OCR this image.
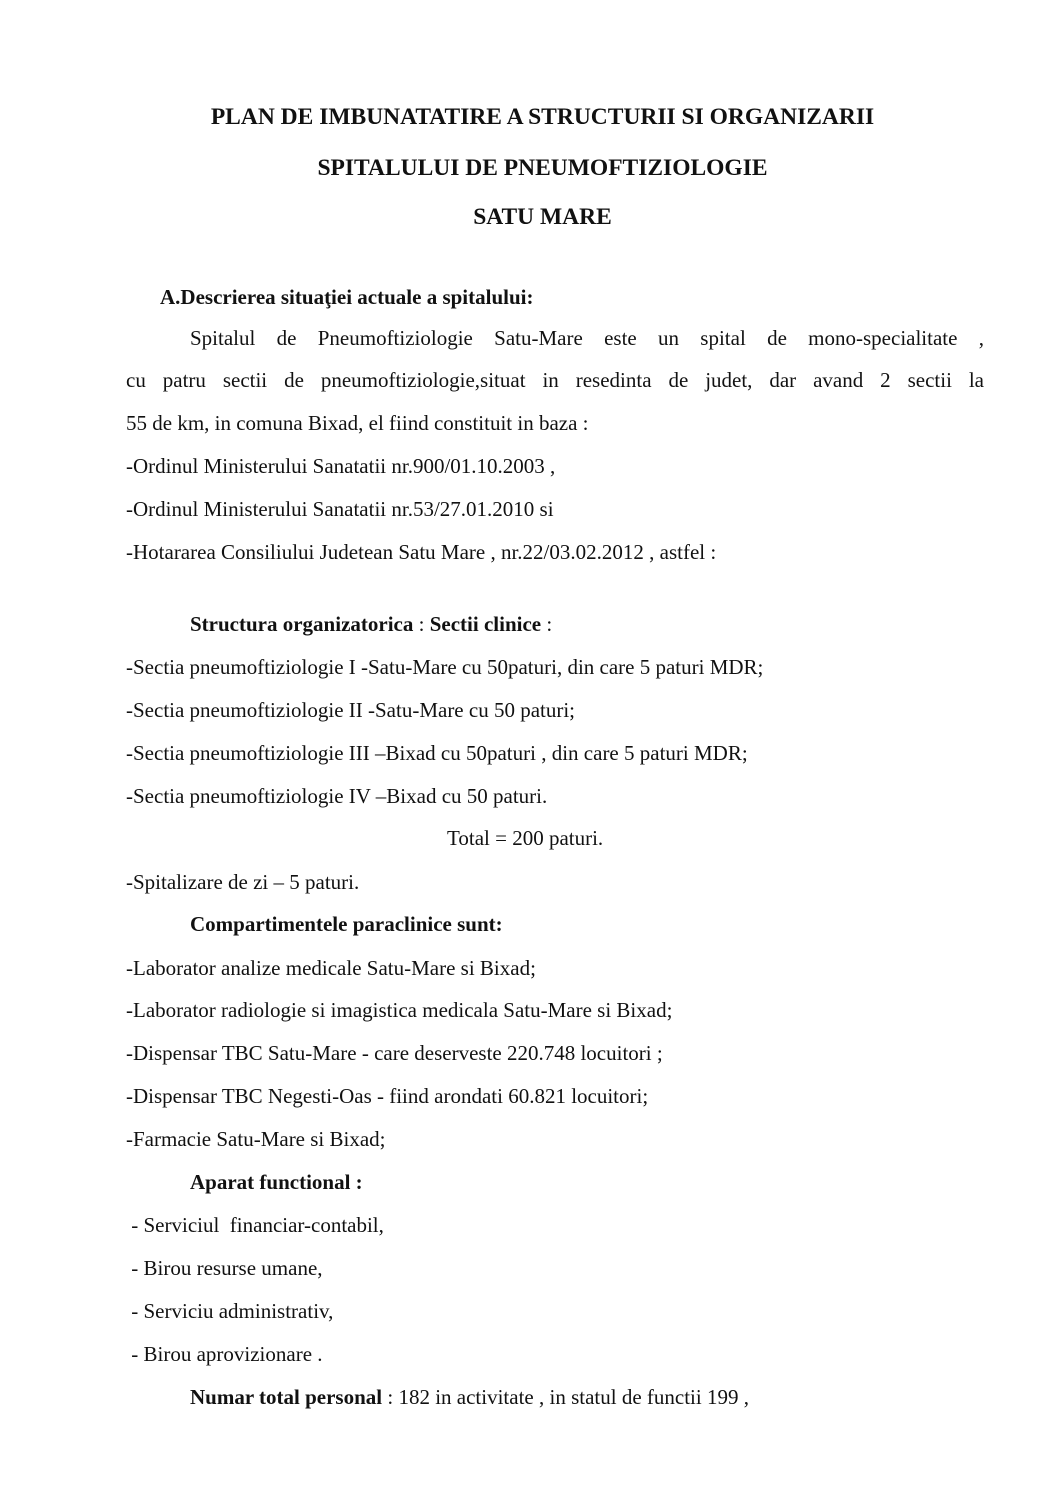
PLAN DE IMBUNATATIRE A STRUCTURII SI ORGANIZARII
SPITALULUI DE PNEUMOFTIZIOLOGIE
SATU MARE
A.Descrierea situaţiei actuale a spitalului:
Spitalul de Pneumoftiziologie Satu-Mare este un spital de mono-specialitate ,
cu patru sectii de pneumoftiziologie,situat in resedinta de judet, dar avand 2 sectii la
55 de km, in comuna Bixad, el fiind constituit in baza :
-Ordinul Ministerului Sanatatii nr.900/01.10.2003 ,
-Ordinul Ministerului Sanatatii nr.53/27.01.2010 si
-Hotararea Consiliului Judetean Satu Mare , nr.22/03.02.2012 , astfel :
Structura organizatorica : Sectii clinice :
-Sectia pneumoftiziologie I -Satu-Mare cu 50paturi, din care 5 paturi MDR;
-Sectia pneumoftiziologie II -Satu-Mare cu 50 paturi;
-Sectia pneumoftiziologie III –Bixad cu 50paturi , din care 5 paturi MDR;
-Sectia pneumoftiziologie IV –Bixad cu 50 paturi.
Total = 200 paturi.
-Spitalizare de zi – 5 paturi.
Compartimentele paraclinice sunt:
-Laborator analize medicale Satu-Mare si Bixad;
-Laborator radiologie si imagistica medicala Satu-Mare si Bixad;
-Dispensar TBC Satu-Mare - care deserveste 220.748 locuitori ;
-Dispensar TBC Negesti-Oas - fiind arondati 60.821 locuitori;
-Farmacie Satu-Mare si Bixad;
Aparat functional :
- Serviciul  financiar-contabil,
- Birou resurse umane,
- Serviciu administrativ,
- Birou aprovizionare .
Numar total personal : 182 in activitate , in statul de functii 199 ,
